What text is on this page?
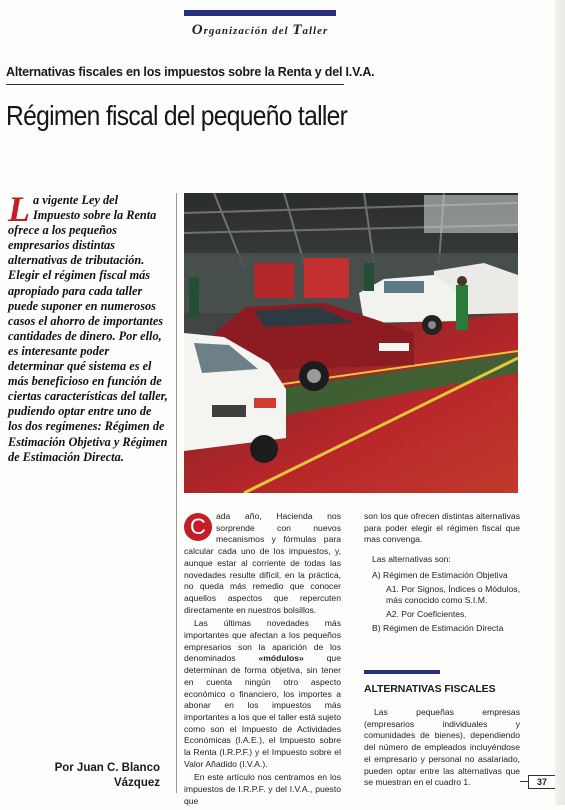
Organización del Taller
Alternativas fiscales en los impuestos sobre la Renta y del I.V.A.
Régimen fiscal del pequeño taller
La vigente Ley del Impuesto sobre la Renta ofrece a los pequeños empresarios distintas alternativas de tributación. Elegir el régimen fiscal más apropiado para cada taller puede suponer en numerosos casos el ahorro de importantes cantidades de dinero. Por ello, es interesante poder determinar qué sistema es el más beneficioso en función de ciertas características del taller, pudiendo optar entre uno de los dos regímenes: Régimen de Estimación Objetiva y Régimen de Estimación Directa.
Por Juan C. Blanco
Vázquez

C	ada año, Hacienda nos sorprende con nuevos mecanismos y fórmulas para calcular cada uno de los impuestos, y, aunque estar al corriente de todas las novedades resulte difícil, en la práctica, no queda más remedio que conocer aquellos aspectos que repercuten directamente en nuestros bolsillos.

Las últimas novedades más importantes que afectan a los pequeños empresarios son la aparición de los denominados «módulos» que determinan de forma objetiva, sin tener en cuenta ningún otro aspecto económico o financiero, los importes a abonar en los impuestos más importantes a los que el taller está sujeto como son el Impuesto de Actividades Económicas (I.A.E.), el Impuesto sobre la Renta (I.R.P.F.) y el Impuesto sobre el Valor Añadido (I.V.A.).

En este artículo nos centramos en los impuestos de I.R.P.F. y del I.V.A., puesto que

son los que ofrecen distintas alternativas para poder elegir el régimen fiscal que mas convenga.

Las alternativas son:
A) Régimen de Estimación Objetiva
A1. Por Signos, Índices o Módulos, más conocido como S.I.M.
A2. Por Coeficientes.
B) Régimen de Estimación Directa
ALTERNATIVAS FISCALES

Las pequeñas empresas (empresarios individuales y comunidades de bienes), dependiendo del número de empleados incluyéndose el empresario y personal no asalariado, pueden optar entre las alternativas que se muestran en el cuadro 1.	37
